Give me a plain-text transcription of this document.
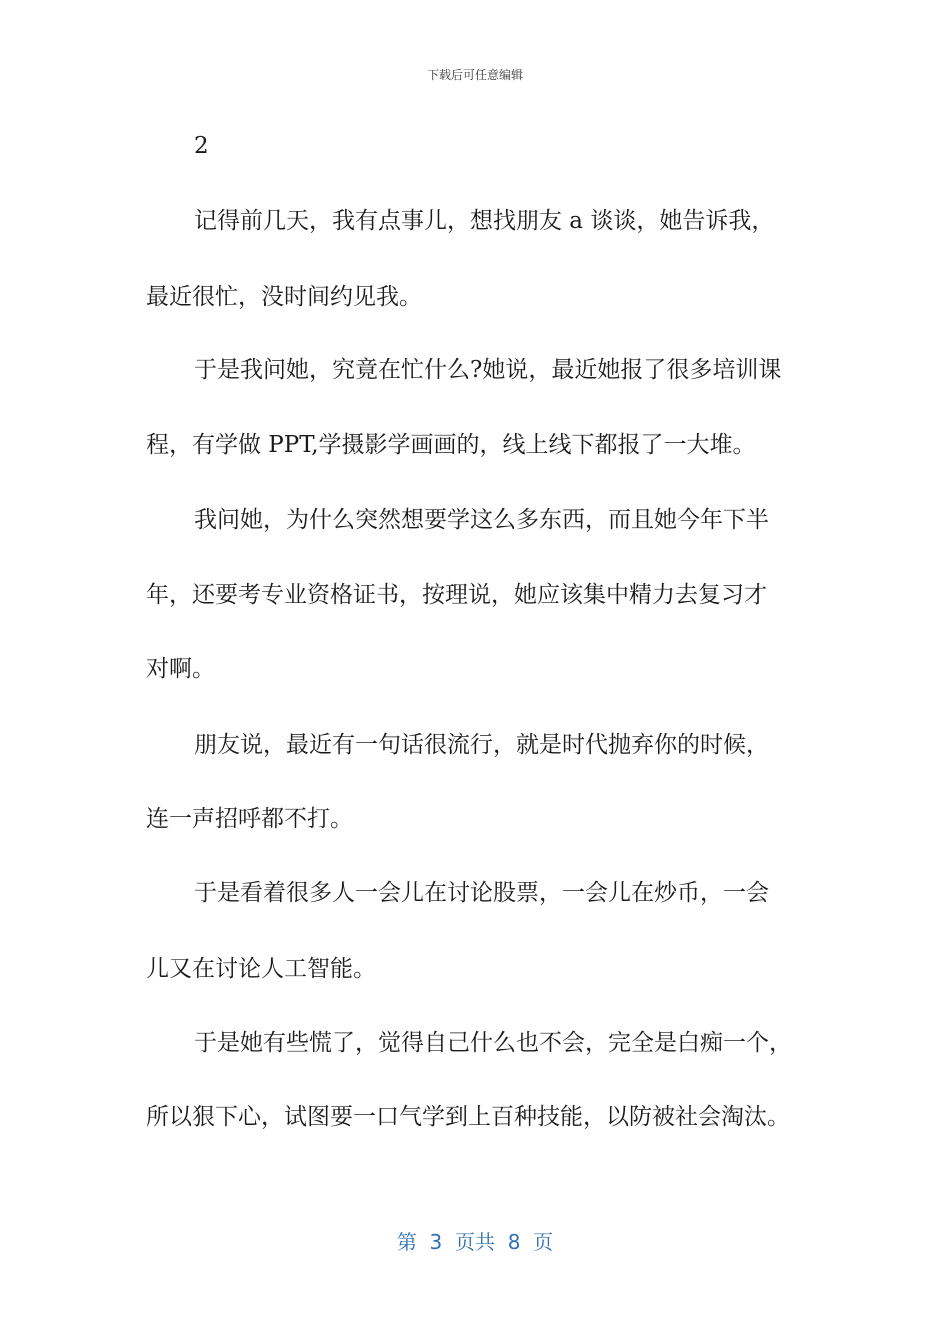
下载后可任意编辑
2
记得前几天，我有点事儿，想找朋友 a 谈谈，她告诉我，
最近很忙，没时间约见我。
于是我问她，究竟在忙什么?她说，最近她报了很多培训课
程，有学做 PPT,学摄影学画画的，线上线下都报了一大堆。
我问她，为什么突然想要学这么多东西，而且她今年下半
年，还要考专业资格证书，按理说，她应该集中精力去复习才
对啊。
朋友说，最近有一句话很流行，就是时代抛弃你的时候，
连一声招呼都不打。
于是看着很多人一会儿在讨论股票，一会儿在炒币，一会
儿又在讨论人工智能。
于是她有些慌了，觉得自己什么也不会，完全是白痴一个，
所以狠下心，试图要一口气学到上百种技能，以防被社会淘汰。
第  3  页共  8  页
